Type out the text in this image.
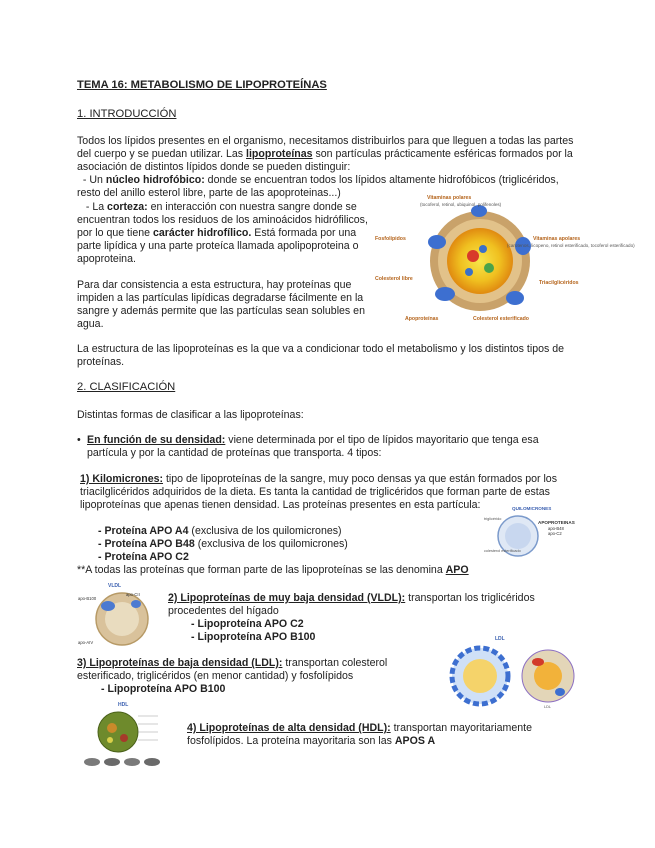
TEMA 16: METABOLISMO DE LIPOPROTEÍNAS
1. INTRODUCCIÓN
Todos los lípidos presentes en el organismo, necesitamos distribuirlos para que lleguen a todas las partes del cuerpo y se puedan utilizar. Las lipoproteínas son partículas prácticamente esféricas formados por la asociación de distintos lípidos donde se pueden distinguir:
- Un núcleo hidrofóbico: donde se encuentran todos los lípidos altamente hidrofóbicos (triglicéridos, resto del anillo esterol libre, parte de las apoproteinas...)
- La corteza: en interacción con nuestra sangre donde se encuentran todos los residuos de los aminoácidos hidrófilicos, por lo que tiene carácter hidrofílico. Está formada por una parte lipídica y una parte proteíca llamada apolipoproteina o apoproteina.
Para dar consistencia a esta estructura, hay proteínas que impiden a las partículas lipídicas degradarse fácilmente en la sangre y además permite que las partículas sean solubles en agua.
Vitaminas polares
(tocoferol, retinol, ubiquinol, polifenoles)
Fosfolípidos	Vitaminas apolares
(carotenos, licopeno, retinol esterificado, tocoferol esterificado)
Colesterol libre
Triacilglicéridos
Apoproteínas	Colesterol esterificado
La estructura de las lipoproteínas es la que va a condicionar todo el metabolismo y los distintos tipos de proteínas.
2. CLASIFICACIÓN
Distintas formas de clasificar a las lipoproteínas:
• En función de su densidad: viene determinada por el tipo de lípidos mayoritario que tenga esa partícula y por la cantidad de proteínas que transporta. 4 tipos:
1) Kilomicrones: tipo de lipoproteínas de la sangre, muy poco densas ya que están formados por los triacilglicéridos adquiridos de la dieta. Es tanta la cantidad de triglicéridos que forman parte de estas lipoproteínas que apenas tienen densidad. Las proteínas presentes en esta partícula:
- Proteína APO A4 (exclusiva de los quilomicrones)
- Proteína APO B48 (exclusiva de los quilomicrones)
- Proteína APO C2
**A todas las proteínas que forman parte de las lipoproteínas se las denomina APO
QUILOMICRONES
APOPROTEINAS
apo-B48
apo-C2
triglicérido
colesterol esterificado
VLDL
apo-B100
apo-CII
apo-AIV
2) Lipoproteínas de muy baja densidad (VLDL): transportan los triglicéridos procedentes del hígado
- Lipoproteína APO C2
- Lipoproteína APO B100	LDL
LDL
3) Lipoproteínas de baja densidad (LDL): transportan colesterol esterificado, triglicéridos (en menor cantidad) y fosfolípidos
- Lipoproteína APO B100
HDL
4) Lipoproteínas de alta densidad (HDL): transportan mayoritariamente fosfolípidos. La proteína mayoritaria son las APOS A
